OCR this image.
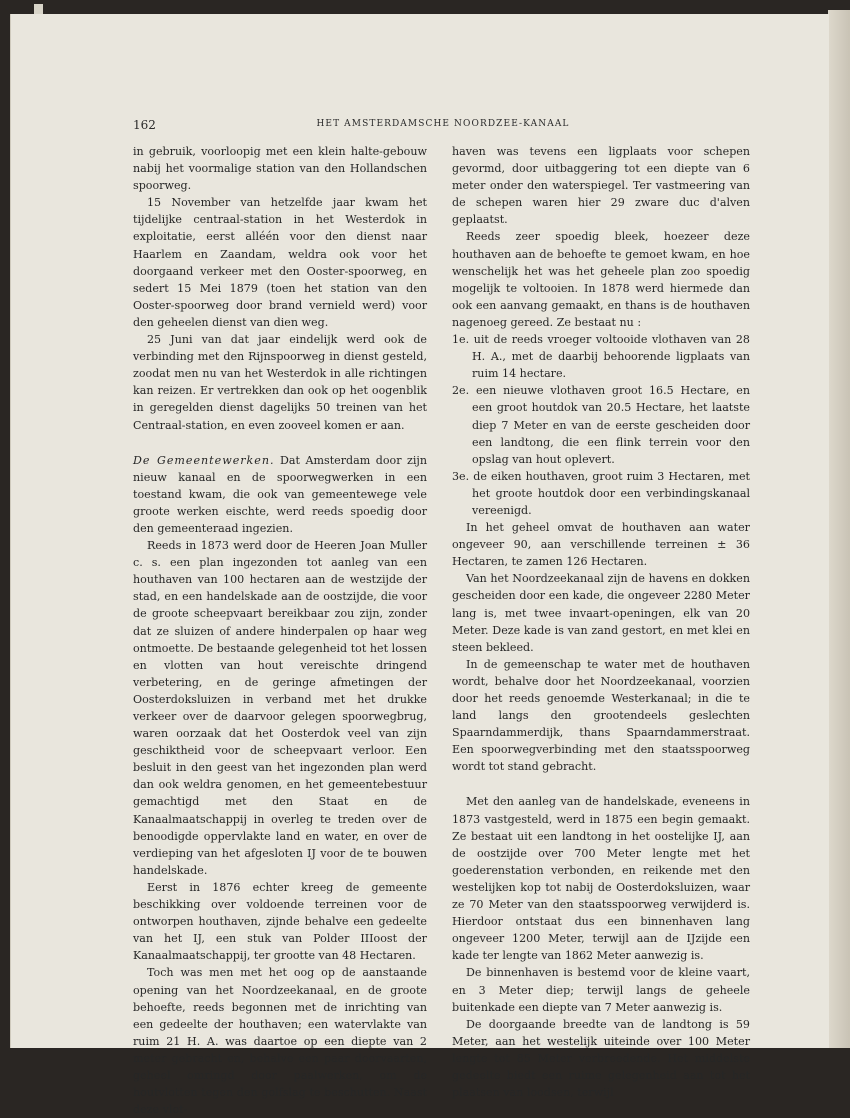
162	HET AMSTERDAMSCHE NOORDZEE-KANAAL

in gebruik, voorloopig met een klein halte-gebouw nabij het voormalige station van den Hollandschen spoorweg.

15 November van hetzelfde jaar kwam het tijdelijke centraal-station in het Westerdok in exploitatie, eerst alléén voor den dienst naar Haarlem en Zaandam, weldra ook voor het doorgaand verkeer met den Ooster-spoorweg, en sedert 15 Mei 1879 (toen het station van den Ooster-spoorweg door brand vernield werd) voor den geheelen dienst van dien weg.

25 Juni van dat jaar eindelijk werd ook de verbinding met den Rijnspoorweg in dienst gesteld, zoodat men nu van het Westerdok in alle richtingen kan reizen. Er vertrekken dan ook op het oogenblik in geregelden dienst dagelijks 50 treinen van het Centraal-station, en even zooveel komen er aan.

De Gemeentewerken. Dat Amsterdam door zijn nieuw kanaal en de spoorwegwerken in een toestand kwam, die ook van gemeentewege vele groote werken eischte, werd reeds spoedig door den gemeenteraad ingezien.

Reeds in 1873 werd door de Heeren Joan Muller c. s. een plan ingezonden tot aanleg van een houthaven van 100 hectaren aan de westzijde der stad, en een handelskade aan de oostzijde, die voor de groote scheepvaart bereikbaar zou zijn, zonder dat ze sluizen of andere hinderpalen op haar weg ontmoette. De bestaande gelegenheid tot het lossen en vlotten van hout vereischte dringend verbetering, en de geringe afmetingen der Oosterdoksluizen in verband met het drukke verkeer over de daarvoor gelegen spoorwegbrug, waren oorzaak dat het Oosterdok veel van zijn geschiktheid voor de scheepvaart verloor. Een besluit in den geest van het ingezonden plan werd dan ook weldra genomen, en het gemeentebestuur gemachtigd met den Staat en de Kanaalmaatschappij in overleg te treden over de benoodigde oppervlakte land en water, en over de verdieping van het afgesloten IJ voor de te bouwen handelskade.

Eerst in 1876 echter kreeg de gemeente beschikking over voldoende terreinen voor de ontworpen houthaven, zijnde behalve een gedeelte van het IJ, een stuk van Polder IIIoost der Kanaalmaatschappij, ter grootte van 48 Hectaren.

Toch was men met het oog op de aanstaande opening van het Noordzeekanaal, en de groote behoefte, reeds begonnen met de inrichting van een gedeelte der houthaven; een watervlakte van ruim 21 H. A. was daartoe op een diepte van 2 meter gebracht en, behalve een paar doorvaarten, geheel omringd door paalwerken, om de houtvlotten tegen den golfslag te beschutten. Naast deze vlot-

haven was tevens een ligplaats voor schepen gevormd, door uitbaggering tot een diepte van 6 meter onder den waterspiegel. Ter vastmeering van de schepen waren hier 29 zware duc d'alven geplaatst.

Reeds zeer spoedig bleek, hoezeer deze houthaven aan de behoefte te gemoet kwam, en hoe wenschelijk het was het geheele plan zoo spoedig mogelijk te voltooien. In 1878 werd hiermede dan ook een aanvang gemaakt, en thans is de houthaven nagenoeg gereed. Ze bestaat nu :

1e. uit de reeds vroeger voltooide vlothaven van 28 H. A., met de daarbij behoorende ligplaats van ruim 14 hectare.

2e. een nieuwe vlothaven groot 16.5 Hectare, en een groot houtdok van 20.5 Hectare, het laatste diep 7 Meter en van de eerste gescheiden door een landtong, die een flink terrein voor den opslag van hout oplevert.

3e. de eiken houthaven, groot ruim 3 Hectaren, met het groote houtdok door een verbindingskanaal vereenigd.

In het geheel omvat de houthaven aan water ongeveer 90, aan verschillende terreinen ± 36 Hectaren, te zamen 126 Hectaren.

Van het Noordzeekanaal zijn de havens en dokken gescheiden door een kade, die ongeveer 2280 Meter lang is, met twee invaart-openingen, elk van 20 Meter. Deze kade is van zand gestort, en met klei en steen bekleed.

In de gemeenschap te water met de houthaven wordt, behalve door het Noordzeekanaal, voorzien door het reeds genoemde Westerkanaal; in die te land langs den grootendeels geslechten Spaarndammerdijk, thans Spaarndammerstraat. Een spoorwegverbinding met den staatsspoorweg wordt tot stand gebracht.

Met den aanleg van de handelskade, eveneens in 1873 vastgesteld, werd in 1875 een begin gemaakt. Ze bestaat uit een landtong in het oostelijke IJ, aan de oostzijde over 700 Meter lengte met het goederenstation verbonden, en reikende met den westelijken kop tot nabij de Oosterdoksluizen, waar ze 70 Meter van den staatsspoorweg verwijderd is. Hierdoor ontstaat dus een binnenhaven lang ongeveer 1200 Meter, terwijl aan de IJzijde een kade ter lengte van 1862 Meter aanwezig is.

De binnenhaven is bestemd voor de kleine vaart, en 3 Meter diep; terwijl langs de geheele buitenkade een diepte van 7 Meter aanwezig is.

De doorgaande breedte van de landtong is 59 Meter, aan het westelijk uiteinde over 100 Meter lengte tot 85 Meter verbreedende. Het middelste gedeelte biedt een ruime gelegenheid aan tot het plaatsen van loodsen, terwijl
